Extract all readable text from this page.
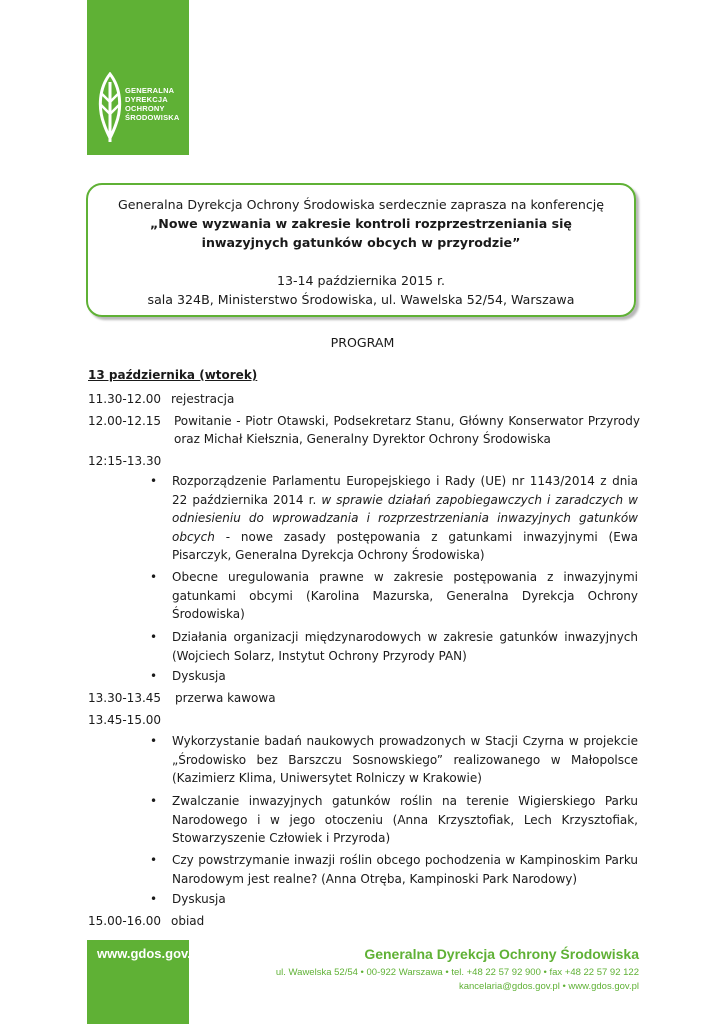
GENERALNA
DYREKCJA
OCHRONY
ŚRODOWISKA
Generalna Dyrekcja Ochrony Środowiska serdecznie zaprasza na konferencję
„Nowe wyzwania w zakresie kontroli rozprzestrzeniania się
inwazyjnych gatunków obcych w przyrodzie”
13-14 października 2015 r.
sala 324B, Ministerstwo Środowiska, ul. Wawelska 52/54, Warszawa
PROGRAM
13 października (wtorek)
11.30-12.00 rejestracja
12.00-12.15 Powitanie - Piotr Otawski, Podsekretarz Stanu, Główny Konserwator Przyrody
oraz Michał Kiełsznia, Generalny Dyrektor Ochrony Środowiska
12:15-13.30
• Rozporządzenie Parlamentu Europejskiego i Rady (UE) nr 1143/2014 z dnia 22 października 2014 r. w sprawie działań zapobiegawczych i zaradczych w odniesieniu do wprowadzania i rozprzestrzeniania inwazyjnych gatunków obcych - nowe zasady postępowania z gatunkami inwazyjnymi (Ewa Pisarczyk, Generalna Dyrekcja Ochrony Środowiska)
• Obecne uregulowania prawne w zakresie postępowania z inwazyjnymi gatunkami obcymi (Karolina Mazurska, Generalna Dyrekcja Ochrony Środowiska)
• Działania organizacji międzynarodowych w zakresie gatunków inwazyjnych (Wojciech Solarz, Instytut Ochrony Przyrody PAN)
• Dyskusja
13.30-13.45 przerwa kawowa
13.45-15.00
• Wykorzystanie badań naukowych prowadzonych w Stacji Czyrna w projekcie „Środowisko bez Barszczu Sosnowskiego” realizowanego w Małopolsce (Kazimierz Klima, Uniwersytet Rolniczy w Krakowie)
• Zwalczanie inwazyjnych gatunków roślin na terenie Wigierskiego Parku Narodowego i w jego otoczeniu (Anna Krzysztofiak, Lech Krzysztofiak, Stowarzyszenie Człowiek i Przyroda)
• Czy powstrzymanie inwazji roślin obcego pochodzenia w Kampinoskim Parku Narodowym jest realne? (Anna Otręba, Kampinoski Park Narodowy)
• Dyskusja
15.00-16.00 obiad
www.gdos.gov.pl	Generalna Dyrekcja Ochrony Środowiska
ul. Wawelska 52/54 • 00-922 Warszawa • tel. +48 22 57 92 900 • fax +48 22 57 92 122
kancelaria@gdos.gov.pl • www.gdos.gov.pl
